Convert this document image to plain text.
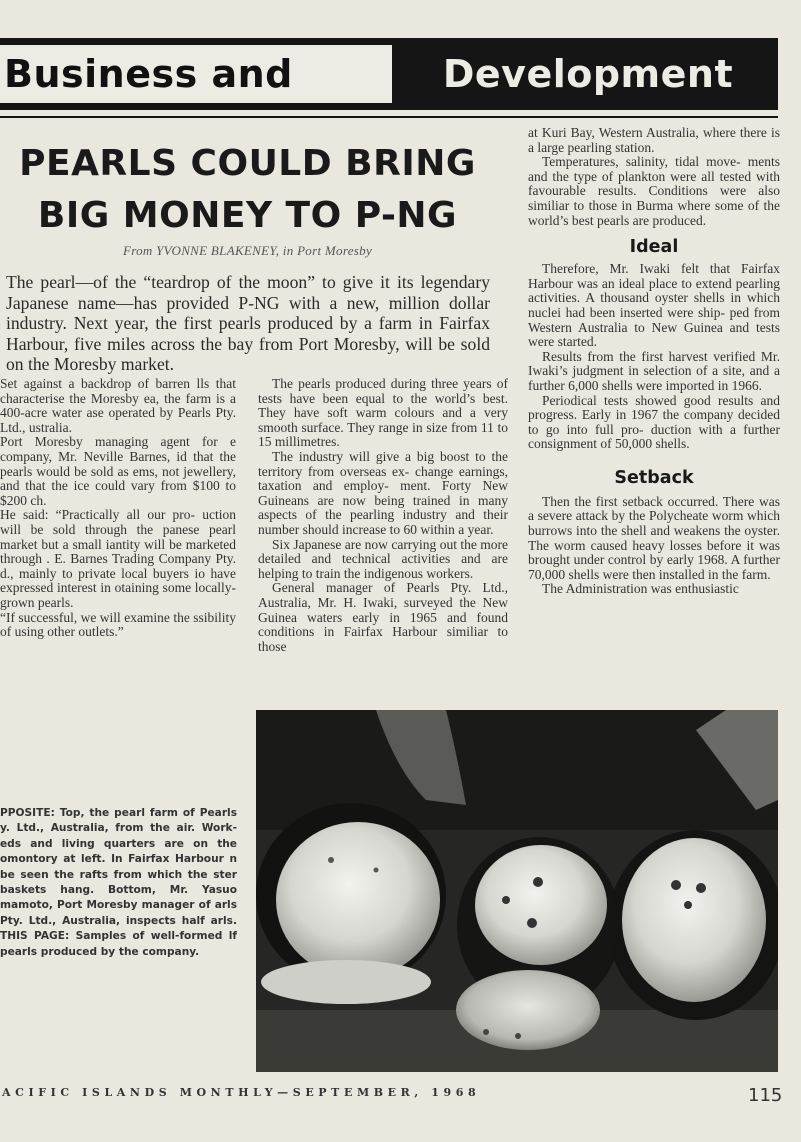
Business and	Development
PEARLS COULD BRING BIG MONEY TO P-NG
From YVONNE BLAKENEY, in Port Moresby

The pearl—of the “teardrop of the moon” to give it its legendary Japanese name—has provided P-NG with a new, million dollar industry. Next year, the first pearls produced by a farm in Fairfax Harbour, five miles across the bay from Port Moresby, will be sold on the Moresby market.

Set against a backdrop of barren lls that characterise the Moresby ea, the farm is a 400-acre water ase operated by Pearls Pty. Ltd., ustralia.

Port Moresby managing agent for e company, Mr. Neville Barnes, id that the pearls would be sold as ems, not jewellery, and that the ice could vary from $100 to $200 ch.

He said: “Practically all our pro- uction will be sold through the panese pearl market but a small iantity will be marketed through . E. Barnes Trading Company Pty. d., mainly to private local buyers io have expressed interest in otaining some locally-grown pearls.

“If successful, we will examine the ssibility of using other outlets.”

The pearls produced during three years of tests have been equal to the world’s best. They have soft warm colours and a very smooth surface. They range in size from 11 to 15 millimetres.

The industry will give a big boost to the territory from overseas ex- change earnings, taxation and employ- ment. Forty New Guineans are now being trained in many aspects of the pearling industry and their number should increase to 60 within a year.

Six Japanese are now carrying out the more detailed and technical activities and are helping to train the indigenous workers.

General manager of Pearls Pty. Ltd., Australia, Mr. H. Iwaki, surveyed the New Guinea waters early in 1965 and found conditions in Fairfax Harbour similiar to those

at Kuri Bay, Western Australia, where there is a large pearling station.

Temperatures, salinity, tidal move- ments and the type of plankton were all tested with favourable results. Conditions were also similiar to those in Burma where some of the world’s best pearls are produced.

Ideal

Therefore, Mr. Iwaki felt that Fairfax Harbour was an ideal place to extend pearling activities. A thousand oyster shells in which nuclei had been inserted were ship- ped from Western Australia to New Guinea and tests were started.

Results from the first harvest verified Mr. Iwaki’s judgment in selection of a site, and a further 6,000 shells were imported in 1966.

Periodical tests showed good results and progress. Early in 1967 the company decided to go into full pro- duction with a further consignment of 50,000 shells.

Setback

Then the first setback occurred. There was a severe attack by the Polycheate worm which burrows into the shell and weakens the oyster. The worm caused heavy losses before it was brought under control by early 1968. A further 70,000 shells were then installed in the farm.

The Administration was enthusiastic

PPOSITE: Top, the pearl farm of Pearls y. Ltd., Australia, from the air. Work- eds and living quarters are on the omontory at left. In Fairfax Harbour n be seen the rafts from which the ster baskets hang. Bottom, Mr. Yasuo mamoto, Port Moresby manager of arls Pty. Ltd., Australia, inspects half arls. THIS PAGE: Samples of well-formed lf pearls produced by the company.

ACIFIC ISLANDS MONTHLY—SEPTEMBER, 1968	115
